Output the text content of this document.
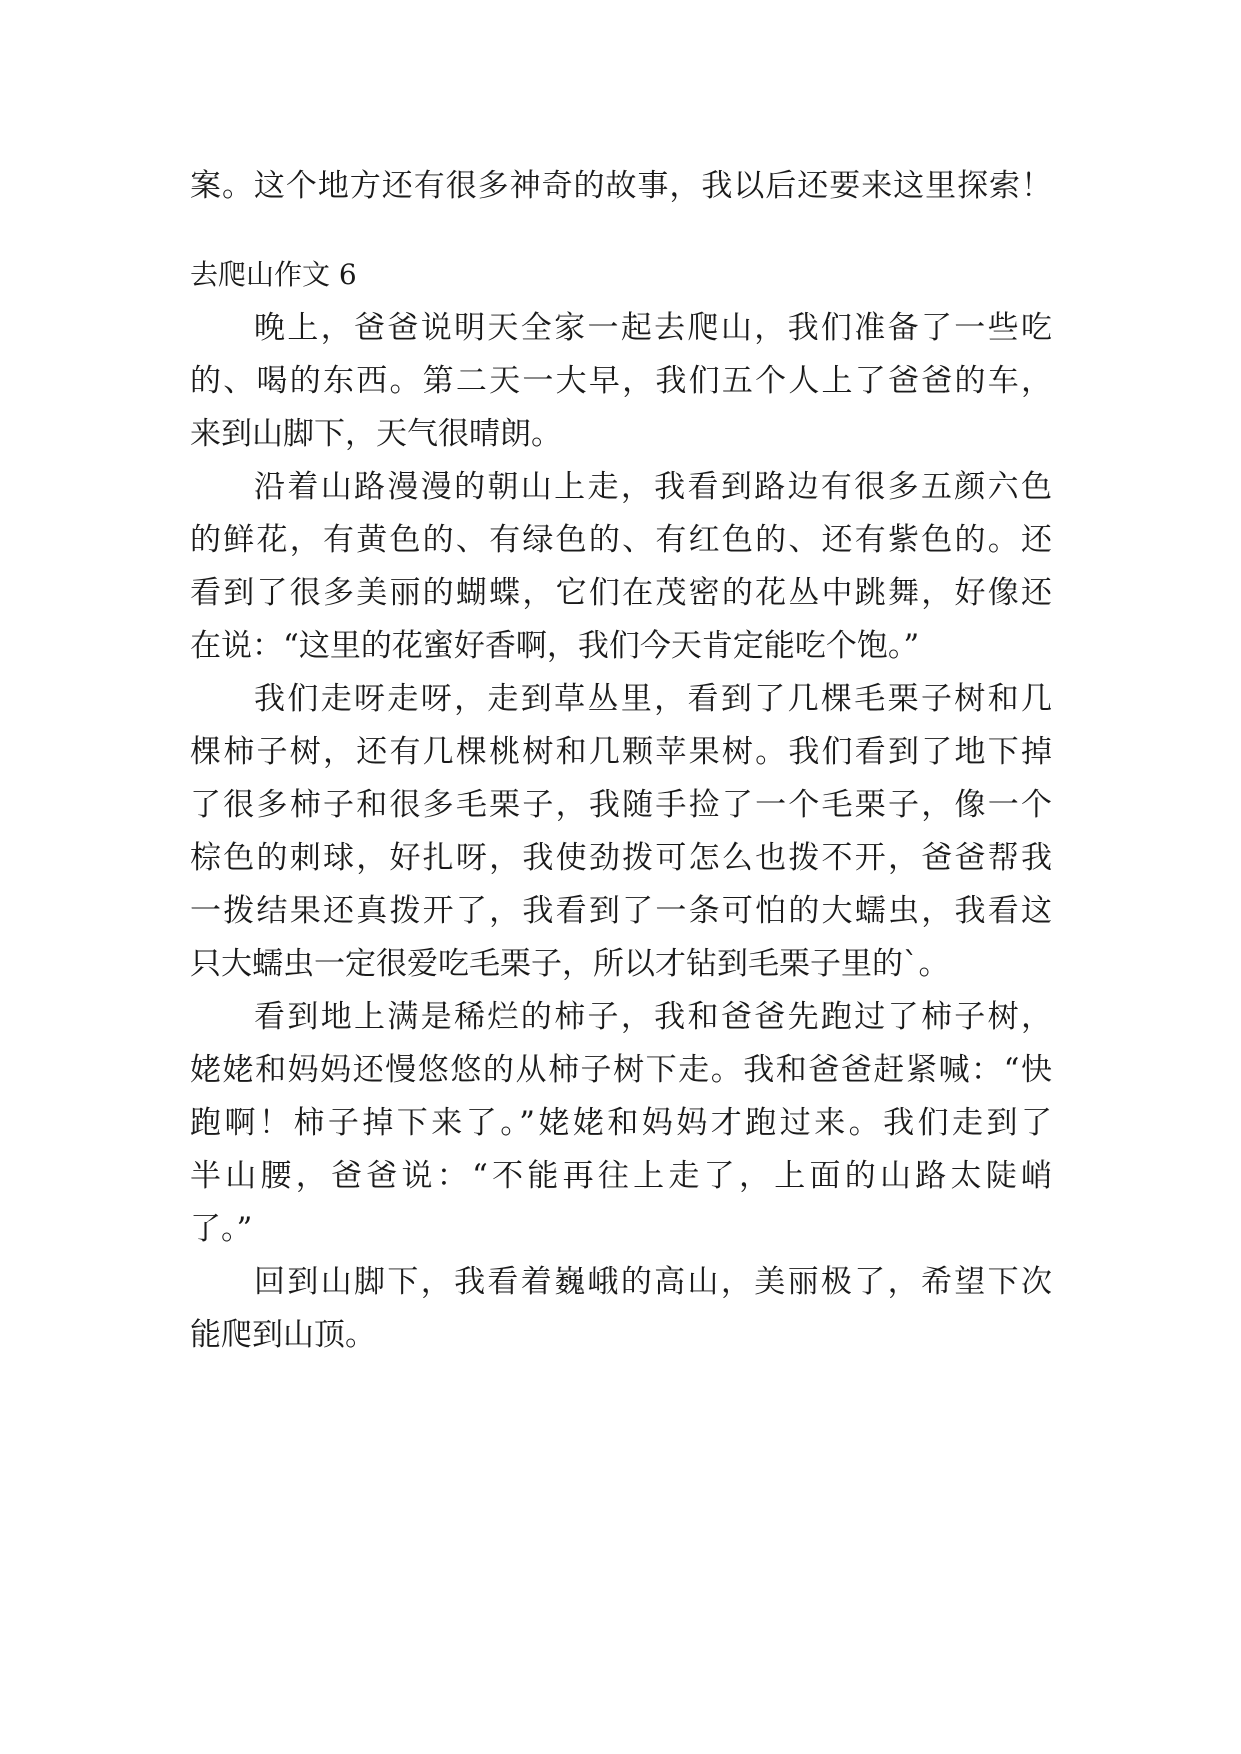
案。这个地方还有很多神奇的故事，我以后还要来这里探索！
去爬山作文 6
晚上，爸爸说明天全家一起去爬山，我们准备了一些吃
的、喝的东西。第二天一大早，我们五个人上了爸爸的车，
来到山脚下，天气很晴朗。
沿着山路漫漫的朝山上走，我看到路边有很多五颜六色
的鲜花，有黄色的、有绿色的、有红色的、还有紫色的。还
看到了很多美丽的蝴蝶，它们在茂密的花丛中跳舞，好像还
在说：“这里的花蜜好香啊，我们今天肯定能吃个饱。”
我们走呀走呀，走到草丛里，看到了几棵毛栗子树和几
棵柿子树，还有几棵桃树和几颗苹果树。我们看到了地下掉
了很多柿子和很多毛栗子，我随手捡了一个毛栗子，像一个
棕色的刺球，好扎呀，我使劲拨可怎么也拨不开，爸爸帮我
一拨结果还真拨开了，我看到了一条可怕的大蠕虫，我看这
只大蠕虫一定很爱吃毛栗子，所以才钻到毛栗子里的`。
看到地上满是稀烂的柿子，我和爸爸先跑过了柿子树，
姥姥和妈妈还慢悠悠的从柿子树下走。我和爸爸赶紧喊：“快
跑啊！柿子掉下来了。”姥姥和妈妈才跑过来。我们走到了
半山腰，爸爸说：“不能再往上走了，上面的山路太陡峭
了。”
回到山脚下，我看着巍峨的高山，美丽极了，希望下次
能爬到山顶。
